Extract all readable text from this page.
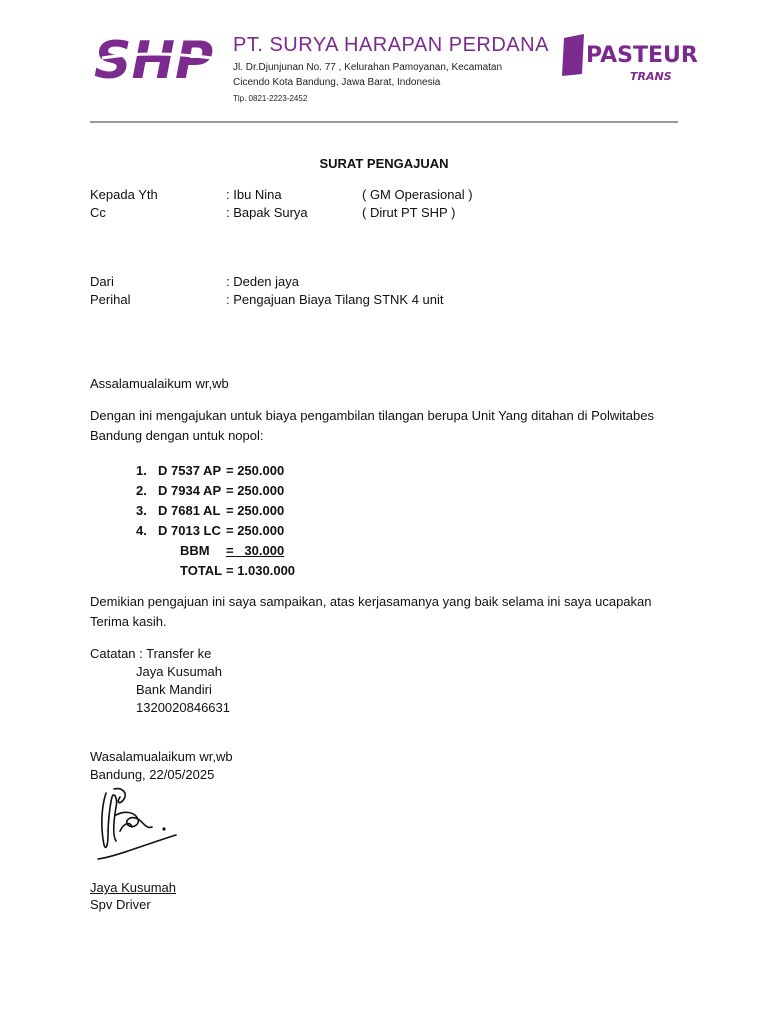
SHP PT. SURYA HARAPAN PERDANA
Jl. Dr.Djunjunan No. 77 , Kelurahan Pamoyanan, Kecamatan
Cicendo Kota Bandung, Jawa Barat, Indonesia
Tlp. 0821-2223-2452
PASTEUR
TRANS
SURAT PENGAJUAN
Kepada Yth	: Ibu Nina	( GM Operasional )
Cc	: Bapak Surya	( Dirut PT SHP )
Dari	: Deden jaya
Perihal	: Pengajuan Biaya Tilang STNK 4 unit
Assalamualaikum wr,wb
Dengan ini mengajukan untuk biaya pengambilan tilangan berupa Unit Yang ditahan di Polwitabes Bandung dengan untuk nopol:
1. D 7537 AP = 250.000
2. D 7934 AP = 250.000
3. D 7681 AL = 250.000
4. D 7013 LC = 250.000
BBM	=   30.000
TOTAL = 1.030.000
Demikian pengajuan ini saya sampaikan, atas kerjasamanya yang baik selama ini saya ucapakan Terima kasih.
Catatan : Transfer ke
Jaya Kusumah
Bank Mandiri
1320020846631
Wasalamualaikum wr,wb
Bandung, 22/05/2025
Jaya Kusumah
Spv Driver
